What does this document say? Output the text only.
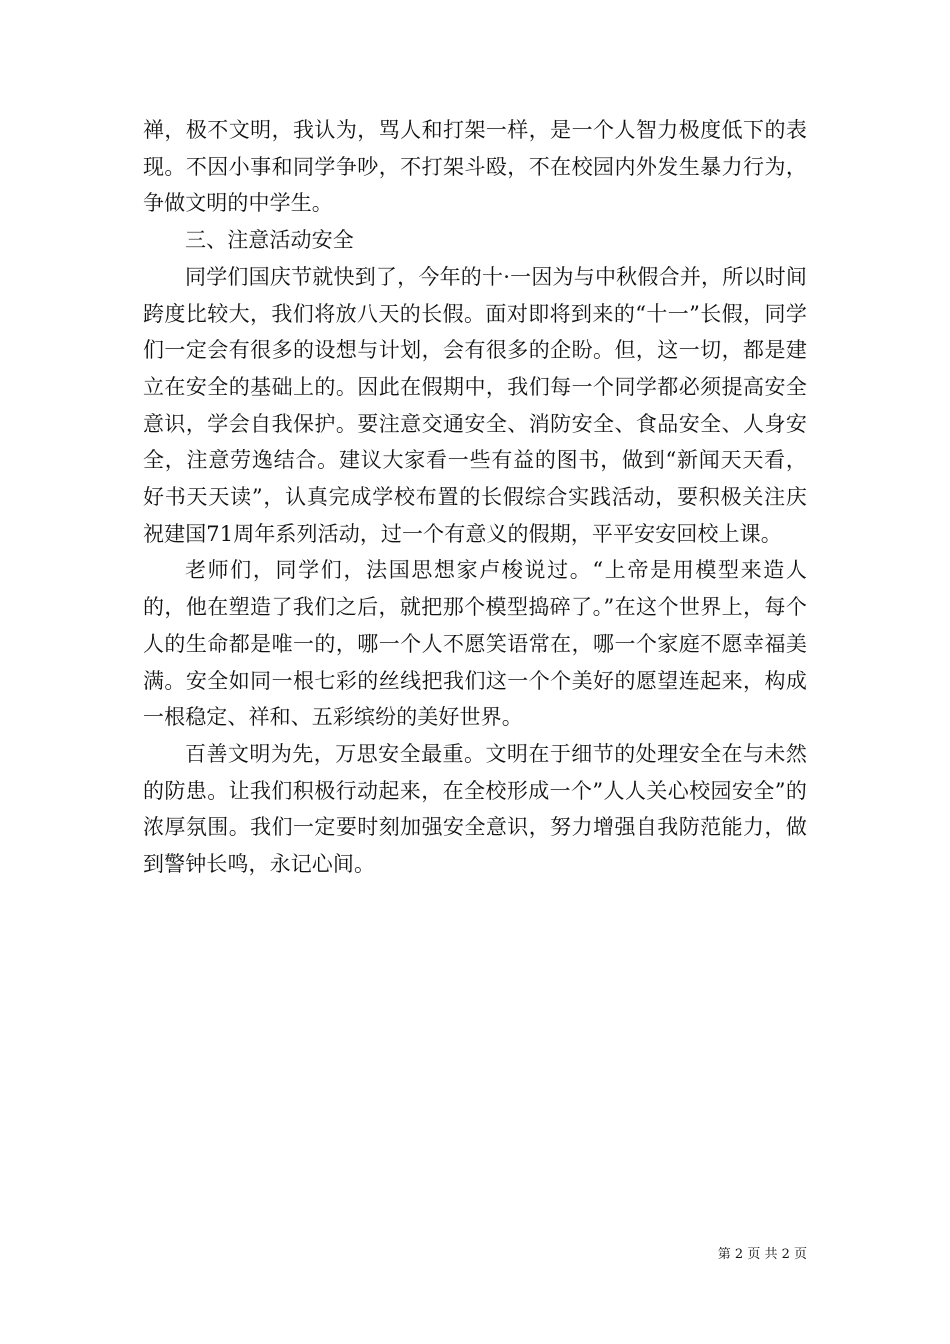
禅，极不文明，我认为，骂人和打架一样，是一个人智力极度低下的表现。不因小事和同学争吵，不打架斗殴，不在校园内外发生暴力行为，争做文明的中学生。

三、注意活动安全

同学们国庆节就快到了，今年的十·一因为与中秋假合并，所以时间跨度比较大，我们将放八天的长假。面对即将到来的“十一”长假，同学们一定会有很多的设想与计划，会有很多的企盼。但，这一切，都是建立在安全的基础上的。因此在假期中，我们每一个同学都必须提高安全意识，学会自我保护。要注意交通安全、消防安全、食品安全、人身安全，注意劳逸结合。建议大家看一些有益的图书，做到“新闻天天看，好书天天读”，认真完成学校布置的长假综合实践活动，要积极关注庆祝建国71周年系列活动，过一个有意义的假期，平平安安回校上课。

老师们，同学们，法国思想家卢梭说过。“上帝是用模型来造人的，他在塑造了我们之后，就把那个模型捣碎了。”在这个世界上，每个人的生命都是唯一的，哪一个人不愿笑语常在，哪一个家庭不愿幸福美满。安全如同一根七彩的丝线把我们这一个个美好的愿望连起来，构成一根稳定、祥和、五彩缤纷的美好世界。

百善文明为先，万思安全最重。文明在于细节的处理安全在与未然的防患。让我们积极行动起来，在全校形成一个”人人关心校园安全”的浓厚氛围。我们一定要时刻加强安全意识，努力增强自我防范能力，做到警钟长鸣，永记心间。

第 2 页 共 2 页
